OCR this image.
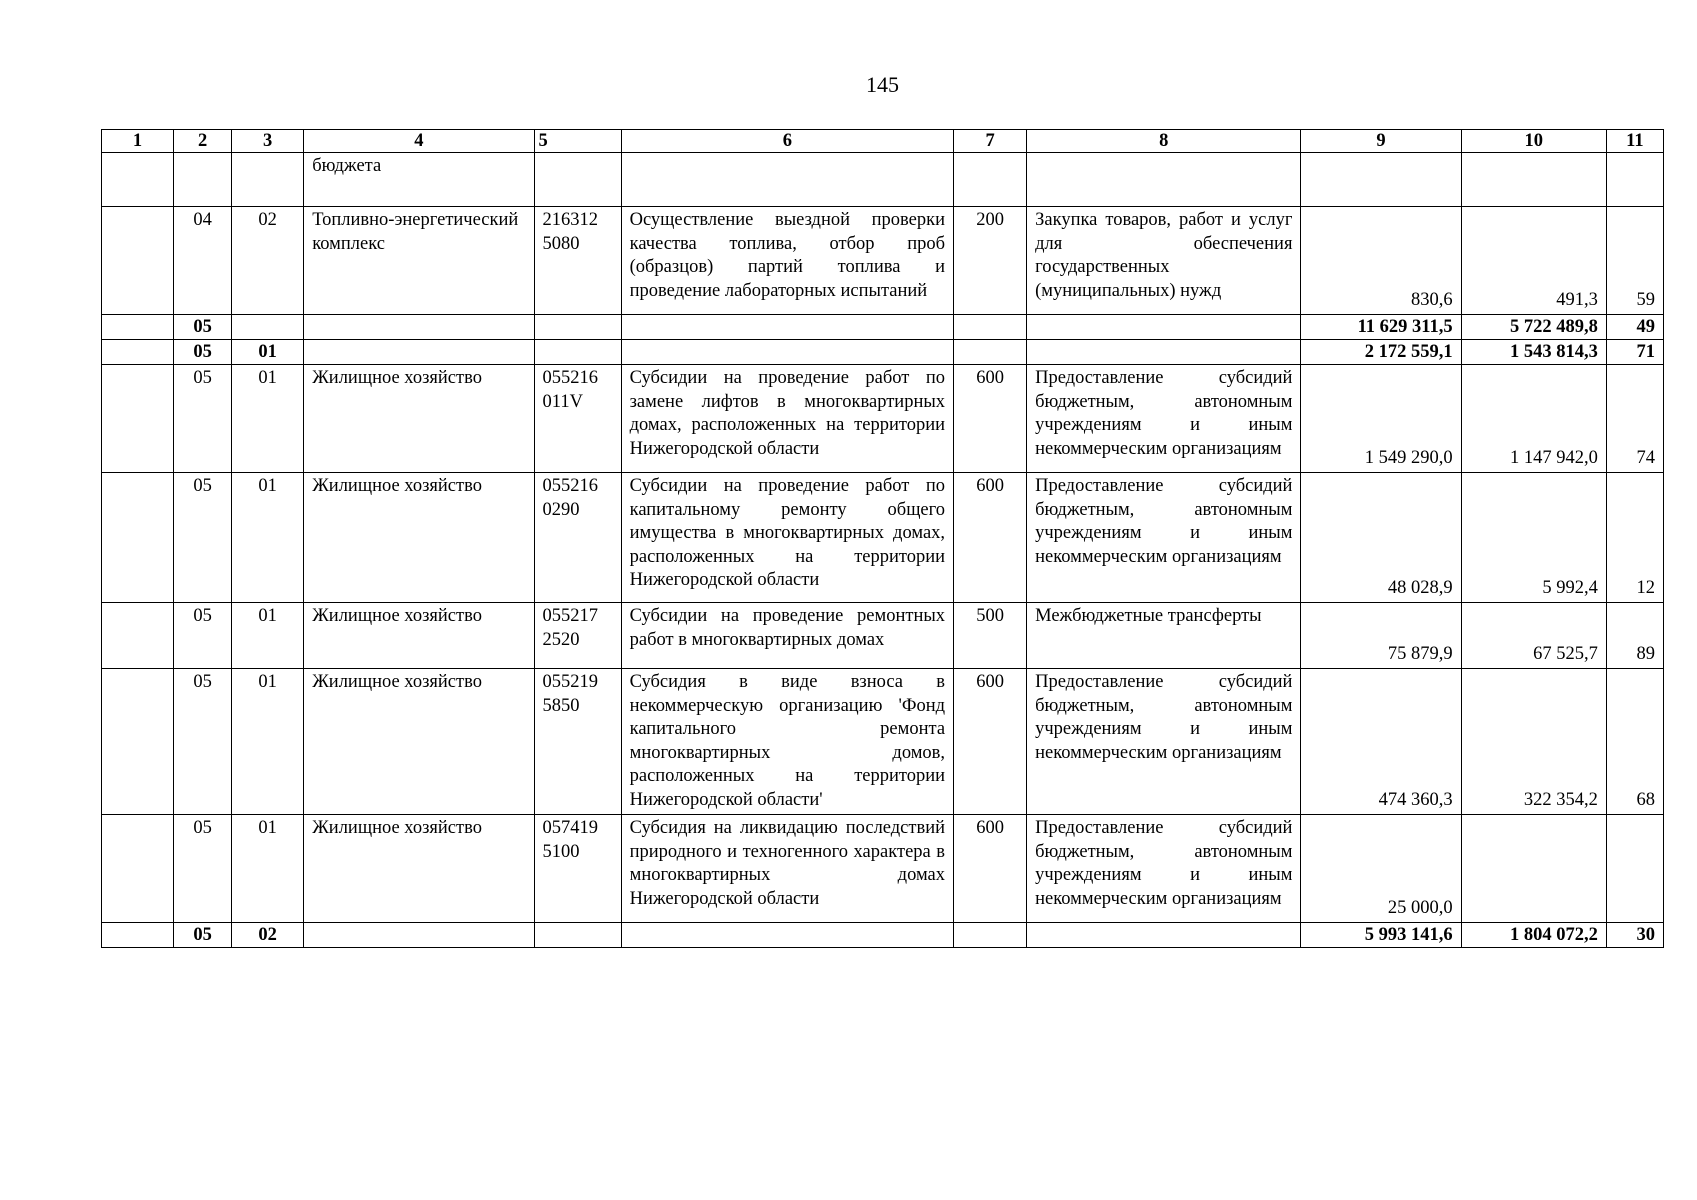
145
1	2	3	4	5	6	7	8	9	10	11
			бюджета							
	04	02	Топливно-энергетический комплекс	216312 5080	Осуществление выездной проверки качества топлива, отбор проб (образцов) партий топлива и проведение лабораторных испытаний	200	Закупка товаров, работ и услуг для обеспечения государственных (муниципальных) нужд	830,6	491,3	59
	05							11 629 311,5	5 722 489,8	49
	05	01						2 172 559,1	1 543 814,3	71
	05	01	Жилищное хозяйство	055216 011V	Субсидии на проведение работ по замене лифтов в многоквартирных домах, расположенных на территории Нижегородской области	600	Предоставление субсидий бюджетным, автономным учреждениям и иным некоммерческим организациям	1 549 290,0	1 147 942,0	74
	05	01	Жилищное хозяйство	055216 0290	Субсидии на проведение работ по капитальному ремонту общего имущества в многоквартирных домах, расположенных на территории Нижегородской области	600	Предоставление субсидий бюджетным, автономным учреждениям и иным некоммерческим организациям	48 028,9	5 992,4	12
	05	01	Жилищное хозяйство	055217 2520	Субсидии на проведение ремонтных работ в многоквартирных домах	500	Межбюджетные трансферты	75 879,9	67 525,7	89
	05	01	Жилищное хозяйство	055219 5850	Субсидия в виде взноса в некоммерческую организацию 'Фонд капитального ремонта многоквартирных домов, расположенных на территории Нижегородской области'	600	Предоставление субсидий бюджетным, автономным учреждениям и иным некоммерческим организациям	474 360,3	322 354,2	68
	05	01	Жилищное хозяйство	057419 5100	Субсидия на ликвидацию последствий природного и техногенного характера в многоквартирных домах Нижегородской области	600	Предоставление субсидий бюджетным, автономным учреждениям и иным некоммерческим организациям	25 000,0		
	05	02						5 993 141,6	1 804 072,2	30
